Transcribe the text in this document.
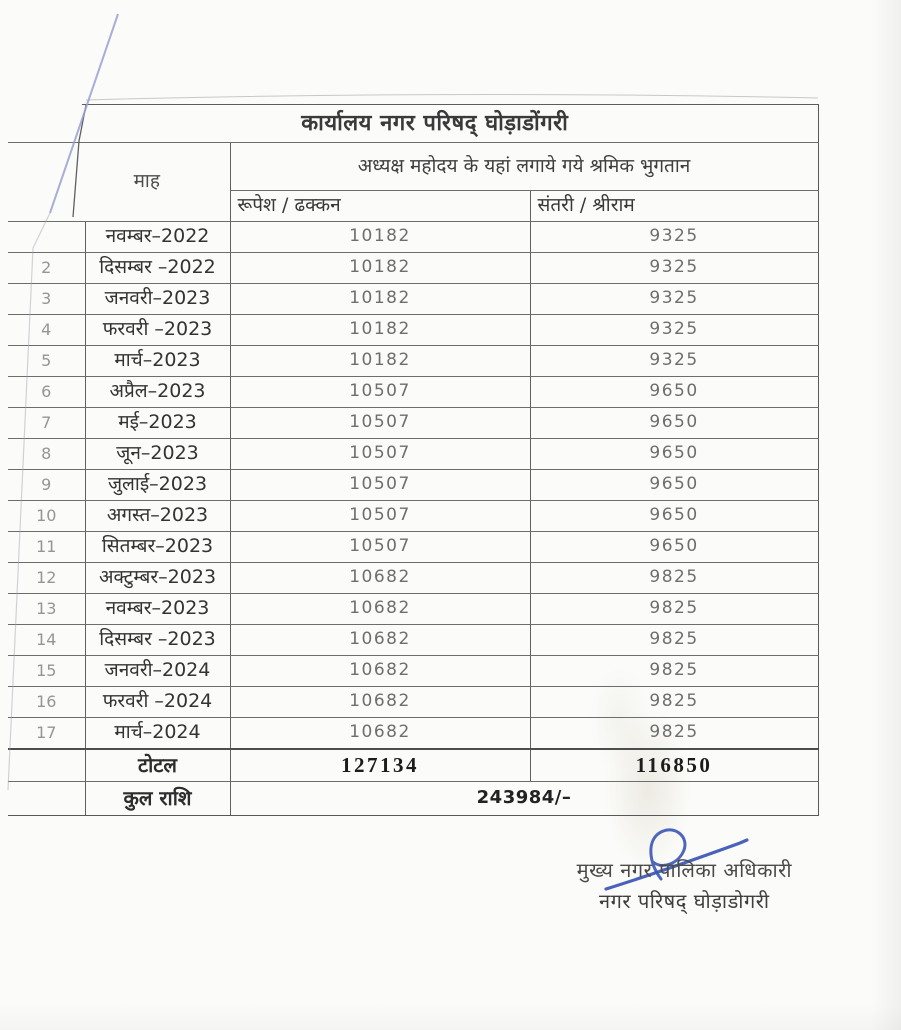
कार्यालय नगर परिषद् घोड़ाडोंगरी			
माह		अध्यक्ष महोदय के यहां लगाये गये श्रमिक भुगतान	
		रूपेश / ढक्कन	संतरी / श्रीराम
	नवम्बर–2022	10182	9325
2	दिसम्बर –2022	10182	9325
3	जनवरी–2023	10182	9325
4	फरवरी –2023	10182	9325
5	मार्च–2023	10182	9325
6	अप्रैल–2023	10507	9650
7	मई–2023	10507	9650
8	जून–2023	10507	9650
9	जुलाई–2023	10507	9650
10	अगस्त–2023	10507	9650
11	सितम्बर–2023	10507	9650
12	अक्टुम्बर–2023	10682	9825
13	नवम्बर–2023	10682	9825
14	दिसम्बर –2023	10682	9825
15	जनवरी–2024	10682	9825
16	फरवरी –2024	10682	9825
17	मार्च–2024	10682	9825
	टोटल	127134	116850
	कुल राशि	243984/–	
मुख्य नगर पालिका अधिकारी
नगर परिषद् घोड़ाडोगरी
